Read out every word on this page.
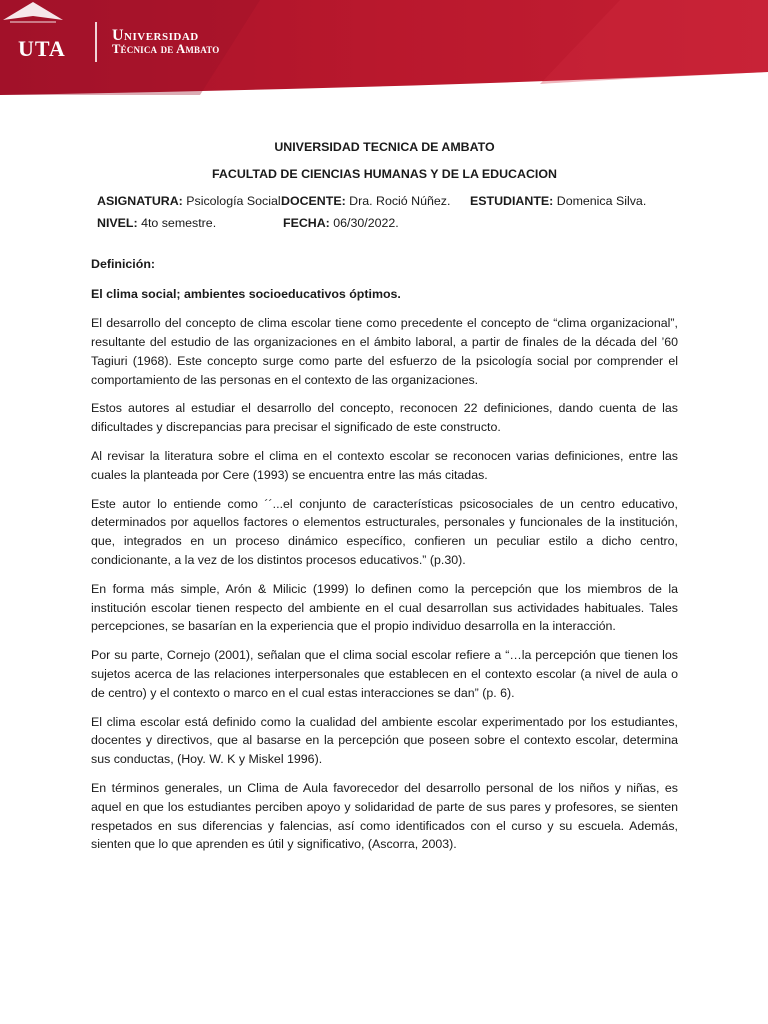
UTA
Universidad
Técnica de Ambato

UNIVERSIDAD TECNICA DE AMBATO

FACULTAD DE CIENCIAS HUMANAS Y DE LA EDUCACION

ASIGNATURA: Psicología Social.
DOCENTE: Dra. Roció Núñez. ESTUDIANTE: Domenica Silva.
NIVEL: 4to semestre.	FECHA: 06/30/2022.

Definición:

El clima social; ambientes socioeducativos óptimos.

El desarrollo del concepto de clima escolar tiene como precedente el concepto de “clima organizacional”, resultante del estudio de las organizaciones en el ámbito laboral, a partir de finales de la década del ’60 Tagiuri (1968). Este concepto surge como parte del esfuerzo de la psicología social por comprender el comportamiento de las personas en el contexto de las organizaciones.

Estos autores al estudiar el desarrollo del concepto, reconocen 22 definiciones, dando cuenta de las dificultades y discrepancias para precisar el significado de este constructo.

Al revisar la literatura sobre el clima en el contexto escolar se reconocen varias definiciones, entre las cuales la planteada por Cere (1993) se encuentra entre las más citadas.

Este autor lo entiende como ´´...el conjunto de características psicosociales de un centro educativo, determinados por aquellos factores o elementos estructurales, personales y funcionales de la institución, que, integrados en un proceso dinámico específico, confieren un peculiar estilo a dicho centro, condicionante, a la vez de los distintos procesos educativos.” (p.30).

En forma más simple, Arón & Milicic (1999) lo definen como la percepción que los miembros de la institución escolar tienen respecto del ambiente en el cual desarrollan sus actividades habituales. Tales percepciones, se basarían en la experiencia que el propio individuo desarrolla en la interacción.

Por su parte, Cornejo (2001), señalan que el clima social escolar refiere a “…la percepción que tienen los sujetos acerca de las relaciones interpersonales que establecen en el contexto escolar (a nivel de aula o de centro) y el contexto o marco en el cual estas interacciones se dan” (p. 6).

El clima escolar está definido como la cualidad del ambiente escolar experimentado por los estudiantes, docentes y directivos, que al basarse en la percepción que poseen sobre el contexto escolar, determina sus conductas, (Hoy. W. K y Miskel 1996).

En términos generales, un Clima de Aula favorecedor del desarrollo personal de los niños y niñas, es aquel en que los estudiantes perciben apoyo y solidaridad de parte de sus pares y profesores, se sienten respetados en sus diferencias y falencias, así como identificados con el curso y su escuela. Además, sienten que lo que aprenden es útil y significativo, (Ascorra, 2003).
